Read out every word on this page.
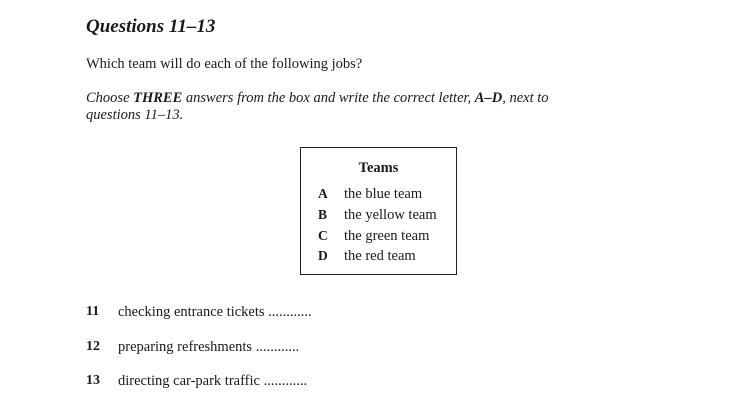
Questions 11–13

Which team will do each of the following jobs?

Choose THREE answers from the box and write the correct letter, A–D, next to questions 11–13.

Teams
A the blue team
B the yellow team
C the green team
D the red team
11 checking entrance tickets ............
12 preparing refreshments ............
13 directing car-park traffic ............
